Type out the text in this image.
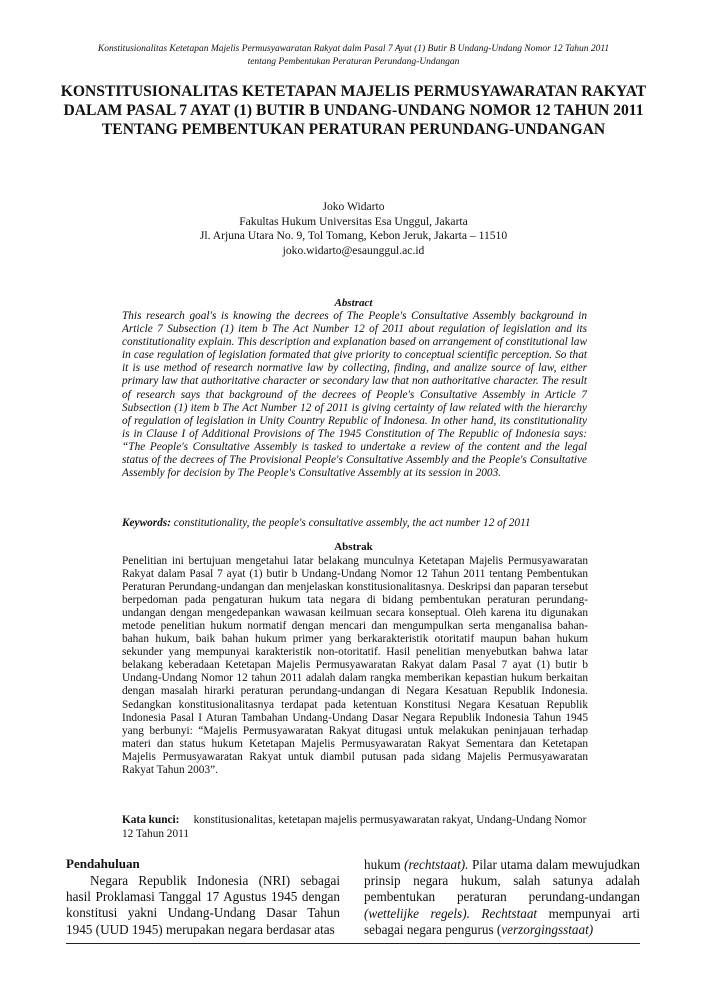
Konstitusionalitas Ketetapan Majelis Permusyawaratan Rakyat dalm Pasal 7 Ayat (1) Butir B Undang-Undang Nomor 12 Tahun 2011
tentang Pembentukan Peraturan Perundang-Undangan
KONSTITUSIONALITAS KETETAPAN MAJELIS PERMUSYAWARATAN RAKYAT DALAM PASAL 7 AYAT (1) BUTIR B UNDANG-UNDANG NOMOR 12 TAHUN 2011 TENTANG PEMBENTUKAN PERATURAN PERUNDANG-UNDANGAN
Joko Widarto
Fakultas Hukum Universitas Esa Unggul, Jakarta
Jl. Arjuna Utara No. 9, Tol Tomang, Kebon Jeruk, Jakarta – 11510
joko.widarto@esaunggul.ac.id
Abstract

This research goal's is knowing the decrees of The People's Consultative Assembly background in Article 7 Subsection (1) item b The Act Number 12 of 2011 about regulation of legislation and its constitutionality explain. This description and explanation based on arrangement of constitutional law in case regulation of legislation formated that give priority to conceptual scientific perception. So that it is use method of research normative law by collecting, finding, and analize source of law, either primary law that authoritative character or secondary law that non authoritative character. The result of research says that background of the decrees of People's Consultative Assembly in Article 7 Subsection (1) item b The Act Number 12 of 2011 is giving certainty of law related with the hierarchy of regulation of legislation in Unity Country Republic of Indonesa. In other hand, its constitutionality is in Clause I of Additional Provisions of The 1945 Constitution of The Republic of Indonesia says: “The People's Consultative Assembly is tasked to undertake a review of the content and the legal status of the decrees of The Provisional People's Consultative Assembly and the People's Consultative Assembly for decision by The People's Consultative Assembly at its session in 2003.

Keywords: constitutionality, the people's consultative assembly, the act number 12 of 2011

Abstrak

Penelitian ini bertujuan mengetahui latar belakang munculnya Ketetapan Majelis Permusyawaratan Rakyat dalam Pasal 7 ayat (1) butir b Undang-Undang Nomor 12 Tahun 2011 tentang Pembentukan Peraturan Perundang-undangan dan menjelaskan konstitusionalitasnya. Deskripsi dan paparan tersebut berpedoman pada pengaturan hukum tata negara di bidang pembentukan peraturan perundang-undangan dengan mengedepankan wawasan keilmuan secara konseptual. Oleh karena itu digunakan metode penelitian hukum normatif dengan mencari dan mengumpulkan serta menganalisa bahan-bahan hukum, baik bahan hukum primer yang berkarakteristik otoritatif maupun bahan hukum sekunder yang mempunyai karakteristik non-otoritatif. Hasil penelitian menyebutkan bahwa latar belakang keberadaan Ketetapan Majelis Permusyawaratan Rakyat dalam Pasal 7 ayat (1) butir b Undang-Undang Nomor 12 tahun 2011 adalah dalam rangka memberikan kepastian hukum berkaitan dengan masalah hirarki peraturan perundang-undangan di Negara Kesatuan Republik Indonesia. Sedangkan konstitusionalitasnya terdapat pada ketentuan Konstitusi Negara Kesatuan Republik Indonesia Pasal I Aturan Tambahan Undang-Undang Dasar Negara Republik Indonesia Tahun 1945 yang berbunyi: “Majelis Permusyawaratan Rakyat ditugasi untuk melakukan peninjauan terhadap materi dan status hukum Ketetapan Majelis Permusyawaratan Rakyat Sementara dan Ketetapan Majelis Permusyawaratan Rakyat untuk diambil putusan pada sidang Majelis Permusyawaratan Rakyat Tahun 2003”.

Kata kunci: konstitusionalitas, ketetapan majelis permusyawaratan rakyat, Undang-Undang Nomor 12 Tahun 2011

Pendahuluan

Negara Republik Indonesia (NRI) sebagai hasil Proklamasi Tanggal 17 Agustus 1945 dengan konstitusi yakni Undang-Undang Dasar Tahun 1945 (UUD 1945) merupakan negara berdasar atas

hukum (rechtstaat). Pilar utama dalam mewujudkan prinsip negara hukum, salah satunya adalah pembentukan peraturan perundang-undangan (wettelijke regels). Rechtstaat mempunyai arti sebagai negara pengurus (verzorgingsstaat)
